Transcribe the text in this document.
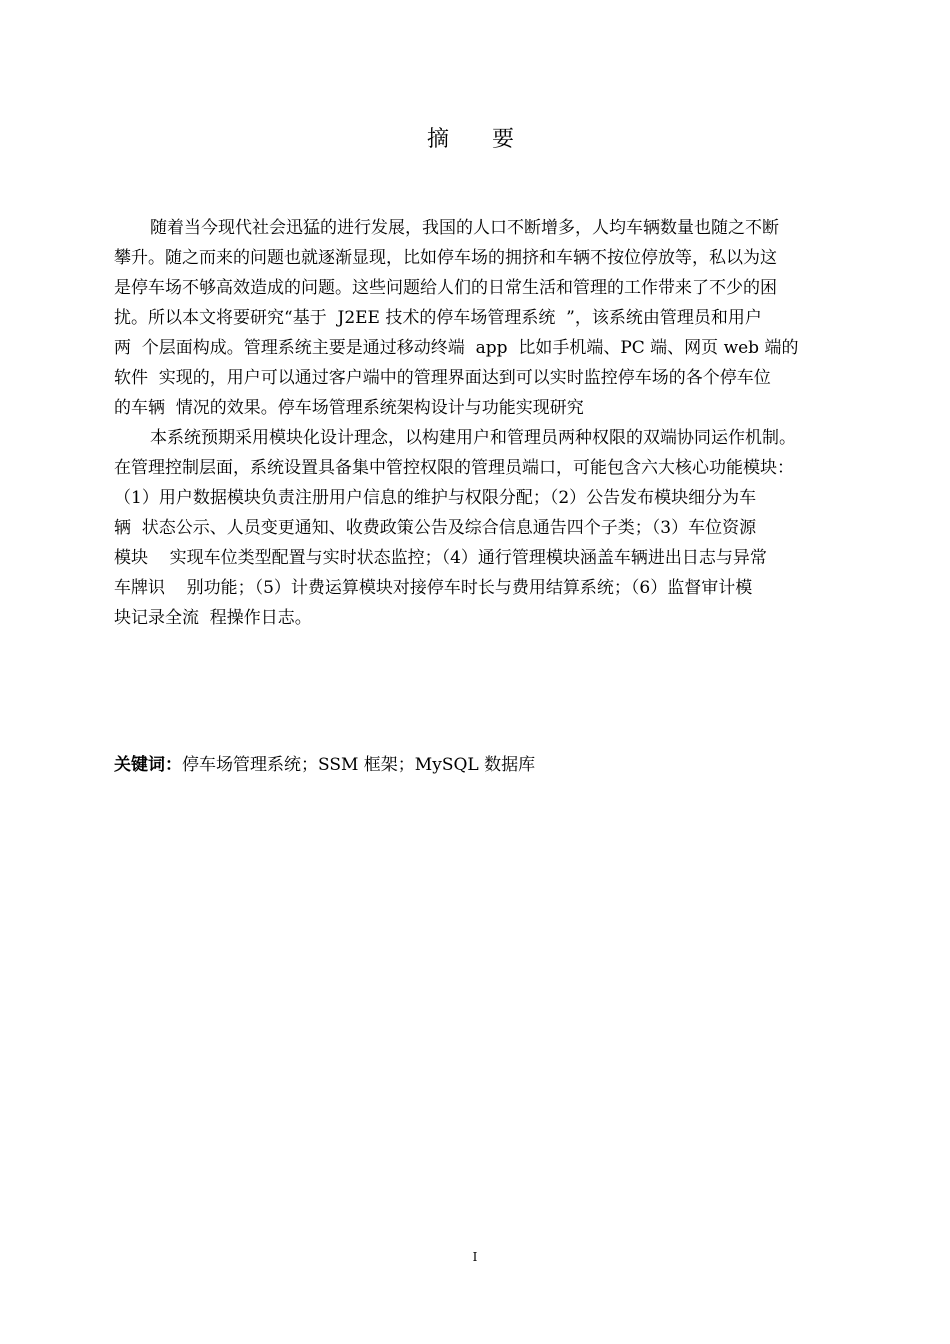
摘 要
随着当今现代社会迅猛的进行发展，我国的人口不断增多，人均车辆数量也随之不断
攀升。随之而来的问题也就逐渐显现，比如停车场的拥挤和车辆不按位停放等，私以为这
是停车场不够高效造成的问题。这些问题给人们的日常生活和管理的工作带来了不少的困
扰。所以本文将要研究“基于  J2EE 技术的停车场管理系统  ”，该系统由管理员和用户
两  个层面构成。管理系统主要是通过移动终端  app  比如手机端、PC 端、网页 web 端的
软件  实现的，用户可以通过客户端中的管理界面达到可以实时监控停车场的各个停车位
的车辆  情况的效果。停车场管理系统架构设计与功能实现研究
本系统预期采用模块化设计理念，以构建用户和管理员两种权限的双端协同运作机制。
在管理控制层面，系统设置具备集中管控权限的管理员端口，可能包含六大核心功能模块：
（1）用户数据模块负责注册用户信息的维护与权限分配；（2）公告发布模块细分为车
辆  状态公示、人员变更通知、收费政策公告及综合信息通告四个子类；（3）车位资源
模块    实现车位类型配置与实时状态监控；（4）通行管理模块涵盖车辆进出日志与异常
车牌识    别功能；（5）计费运算模块对接停车时长与费用结算系统；（6）监督审计模
块记录全流  程操作日志。
关键词：停车场管理系统；SSM 框架；MySQL 数据库
I
